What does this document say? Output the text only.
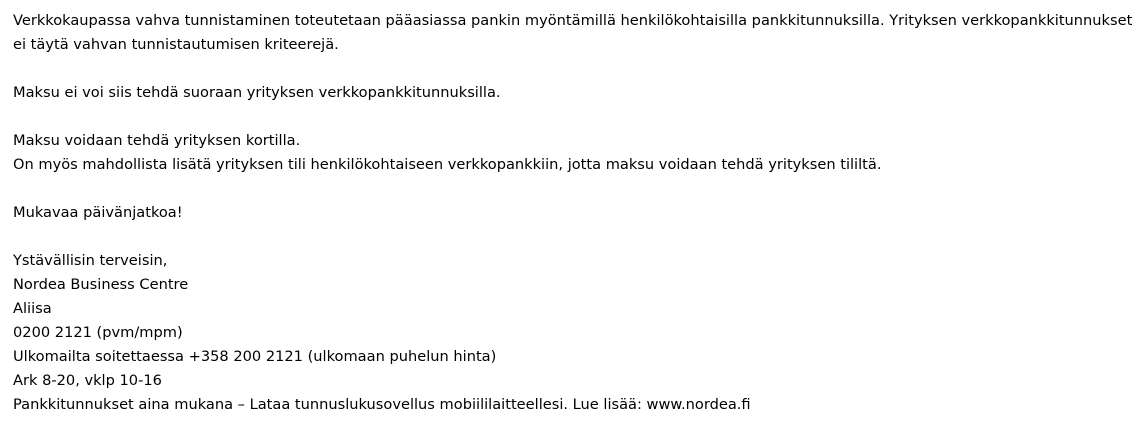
Verkkokaupassa vahva tunnistaminen toteutetaan pääasiassa pankin myöntämillä henkilökohtaisilla pankkitunnuksilla. Yrityksen verkkopankkitunnukset ei täytä vahvan tunnistautumisen kriteerejä.

Maksu ei voi siis tehdä suoraan yrityksen verkkopankkitunnuksilla.

Maksu voidaan tehdä yrityksen kortilla.
On myös mahdollista lisätä yrityksen tili henkilökohtaiseen verkkopankkiin, jotta maksu voidaan tehdä yrityksen tililtä.

Mukavaa päivänjatkoa!

Ystävällisin terveisin,
Nordea Business Centre
Aliisa
0200 2121 (pvm/mpm)
Ulkomailta soitettaessa +358 200 2121 (ulkomaan puhelun hinta)
Ark 8-20, vklp 10-16
Pankkitunnukset aina mukana – Lataa tunnuslukusovellus mobiililaitteellesi. Lue lisää: www.nordea.fi
